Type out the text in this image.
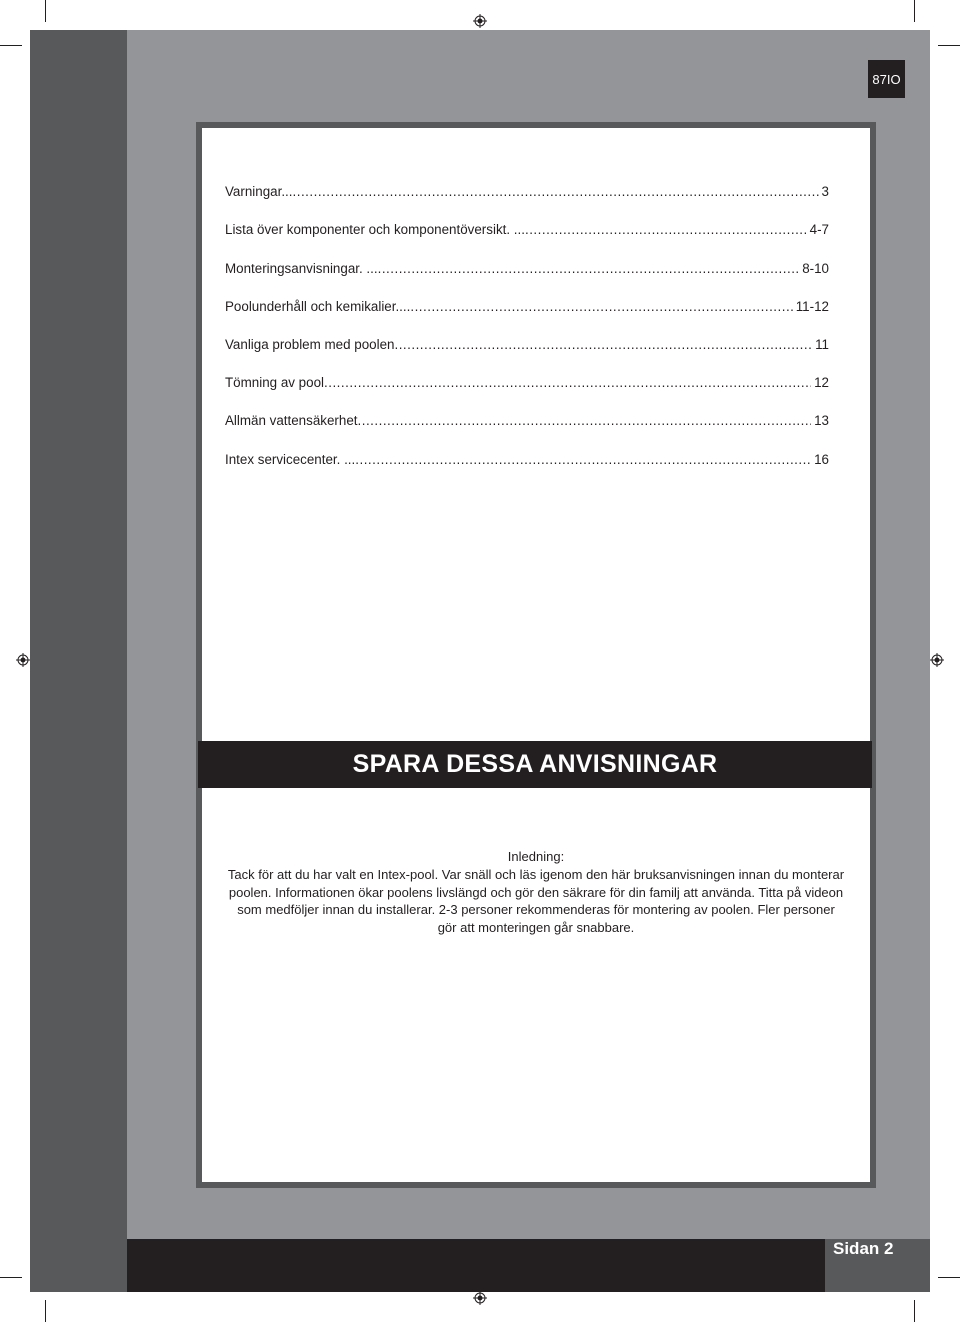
87IO
Varningar... .....	3
Lista över komponenter och komponentöversikt. ... .....	4-7
Monteringsanvisningar. ... .....	8-10
Poolunderhåll och kemikalier.... .....	11-12
Vanliga problem med poolen .....	11
Tömning av pool .....	12
Allmän vattensäkerhet .....	13
Intex servicecenter. ... .....	16
SPARA DESSA ANVISNINGAR
Inledning:
Tack för att du har valt en Intex-pool. Var snäll och läs igenom den här bruksanvisningen innan du monterar
poolen. Informationen ökar poolens livslängd och gör den säkrare för din familj att använda. Titta på videon
som medföljer innan du installerar. 2-3 personer rekommenderas för montering av poolen. Fler personer
gör att monteringen går snabbare.
Sidan 2
